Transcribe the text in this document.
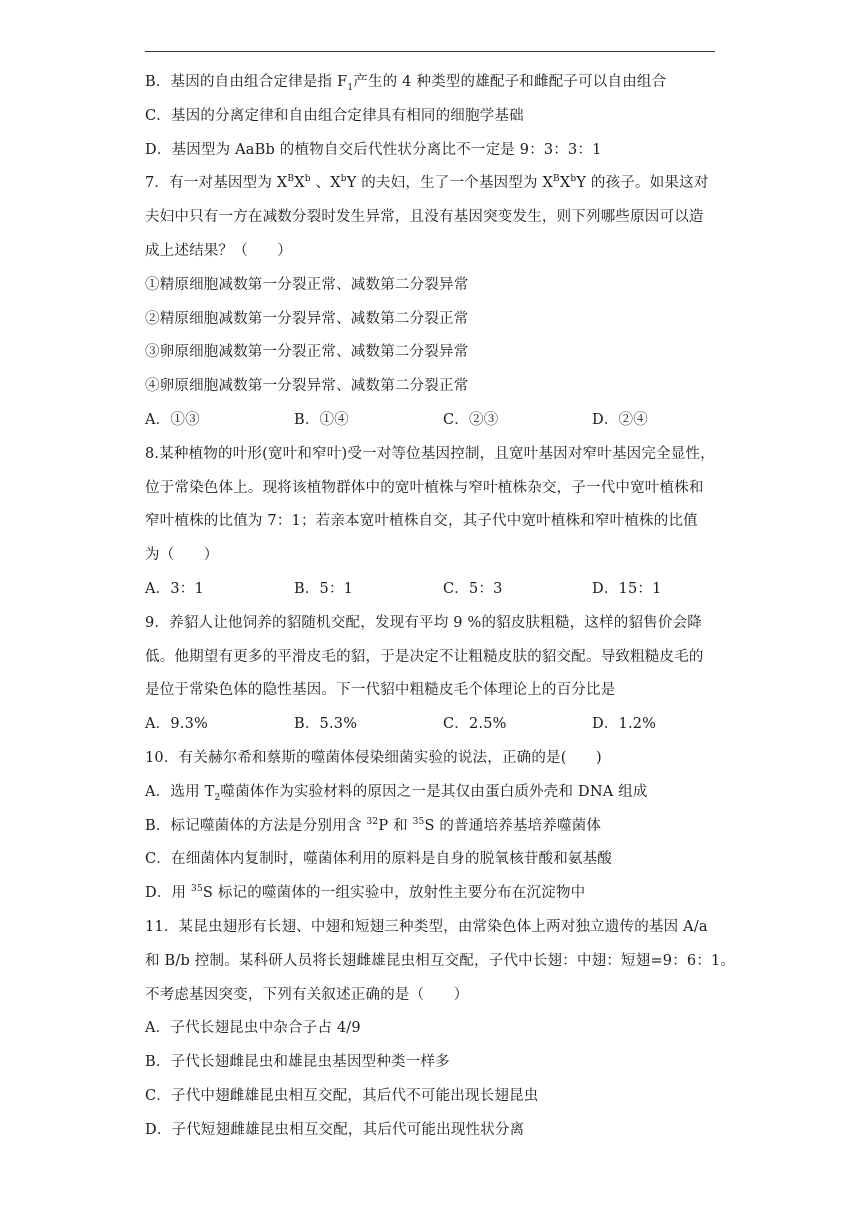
B．基因的自由组合定律是指 $F_1$产生的 4 种类型的雄配子和雌配子可以自由组合
C．基因的分离定律和自由组合定律具有相同的细胞学基础
D．基因型为 AaBb 的植物自交后代性状分离比不一定是 9：3：3：1
7．有一对基因型为 $X^BX^b$ 、$X^bY$ 的夫妇，生了一个基因型为 $X^BX^bY$ 的孩子。如果这对
夫妇中只有一方在减数分裂时发生异常，且没有基因突变发生，则下列哪些原因可以造
成上述结果？（　　）
①精原细胞减数第一分裂正常、减数第二分裂异常
②精原细胞减数第一分裂异常、减数第二分裂正常
③卵原细胞减数第一分裂正常、减数第二分裂异常
④卵原细胞减数第一分裂异常、减数第二分裂正常
A．①③	B．①④	C．②③	D．②④
8.某种植物的叶形(宽叶和窄叶)受一对等位基因控制，且宽叶基因对窄叶基因完全显性，
位于常染色体上。现将该植物群体中的宽叶植株与窄叶植株杂交，子一代中宽叶植株和
窄叶植株的比值为 7：1；若亲本宽叶植株自交，其子代中宽叶植株和窄叶植株的比值
为（　　）
A．3：1	B．5：1	C．5：3	D．15：1
9．养貂人让他饲养的貂随机交配，发现有平均 9 %的貂皮肤粗糙，这样的貂售价会降
低。他期望有更多的平滑皮毛的貂，于是决定不让粗糙皮肤的貂交配。导致粗糙皮毛的
是位于常染色体的隐性基因。下一代貂中粗糙皮毛个体理论上的百分比是
A．9.3%	B．5.3%	C．2.5%	D．1.2%
10．有关赫尔希和蔡斯的噬菌体侵染细菌实验的说法，正确的是(　　)
A．选用 $T_2$噬菌体作为实验材料的原因之一是其仅由蛋白质外壳和 DNA 组成
B．标记噬菌体的方法是分别用含 $^{32}$P 和 $^{35}$S 的普通培养基培养噬菌体
C．在细菌体内复制时，噬菌体利用的原料是自身的脱氧核苷酸和氨基酸
D．用 $^{35}$S 标记的噬菌体的一组实验中，放射性主要分布在沉淀物中
11．某昆虫翅形有长翅、中翅和短翅三种类型，由常染色体上两对独立遗传的基因 A/a
和 B/b 控制。某科研人员将长翅雌雄昆虫相互交配，子代中长翅：中翅：短翅=9：6：1。
不考虑基因突变，下列有关叙述正确的是（　　）
A．子代长翅昆虫中杂合子占 4/9
B．子代长翅雌昆虫和雄昆虫基因型种类一样多
C．子代中翅雌雄昆虫相互交配，其后代不可能出现长翅昆虫
D．子代短翅雌雄昆虫相互交配，其后代可能出现性状分离
